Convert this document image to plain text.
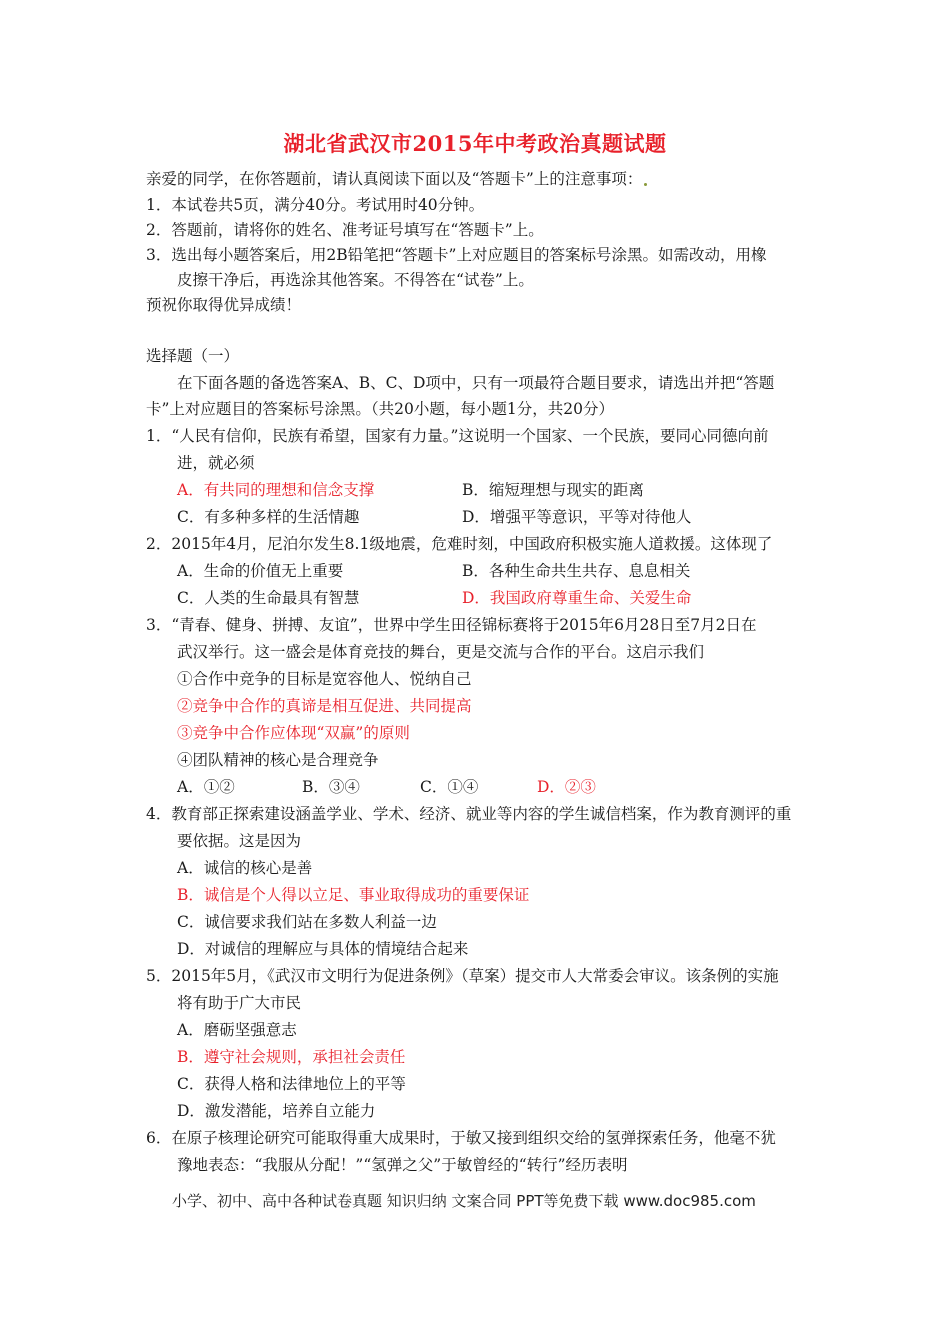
湖北省武汉市2015年中考政治真题试题
亲爱的同学，在你答题前，请认真阅读下面以及“答题卡”上的注意事项：
1．本试卷共5页，满分40分。考试用时40分钟。
2．答题前，请将你的姓名、准考证号填写在“答题卡”上。
3．选出每小题答案后，用2B铅笔把“答题卡”上对应题目的答案标号涂黑。如需改动，用橡
皮擦干净后，再选涂其他答案。不得答在“试卷”上。
预祝你取得优异成绩！
选择题（一）
在下面各题的备选答案A、B、C、D项中，只有一项最符合题目要求，请选出并把“答题
卡”上对应题目的答案标号涂黑。（共20小题，每小题1分，共20分）
1．“人民有信仰，民族有希望，国家有力量。”这说明一个国家、一个民族，要同心同德向前
进，就必须
A．有共同的理想和信念支撑	B．缩短理想与现实的距离
C．有多种多样的生活情趣	D．增强平等意识，平等对待他人
2．2015年4月，尼泊尔发生8.1级地震，危难时刻，中国政府积极实施人道救援。这体现了
A．生命的价值无上重要	B．各种生命共生共存、息息相关
C．人类的生命最具有智慧	D．我国政府尊重生命、关爱生命
3．“青春、健身、拼搏、友谊”，世界中学生田径锦标赛将于2015年6月28日至7月2日在
武汉举行。这一盛会是体育竞技的舞台，更是交流与合作的平台。这启示我们
①合作中竞争的目标是宽容他人、悦纳自己
②竞争中合作的真谛是相互促进、共同提高
③竞争中合作应体现“双赢”的原则
④团队精神的核心是合理竞争
A．①②	B．③④	C．①④	D．②③
4．教育部正探索建设涵盖学业、学术、经济、就业等内容的学生诚信档案，作为教育测评的重
要依据。这是因为
A．诚信的核心是善
B．诚信是个人得以立足、事业取得成功的重要保证
C．诚信要求我们站在多数人利益一边
D．对诚信的理解应与具体的情境结合起来
5．2015年5月，《武汉市文明行为促进条例》（草案）提交市人大常委会审议。该条例的实施
将有助于广大市民
A．磨砺坚强意志
B．遵守社会规则，承担社会责任
C．获得人格和法律地位上的平等
D．激发潜能，培养自立能力
6．在原子核理论研究可能取得重大成果时，于敏又接到组织交给的氢弹探索任务，他毫不犹
豫地表态：“我服从分配！”“氢弹之父”于敏曾经的“转行”经历表明
小学、初中、高中各种试卷真题 知识归纳 文案合同 PPT等免费下载 www.doc985.com
